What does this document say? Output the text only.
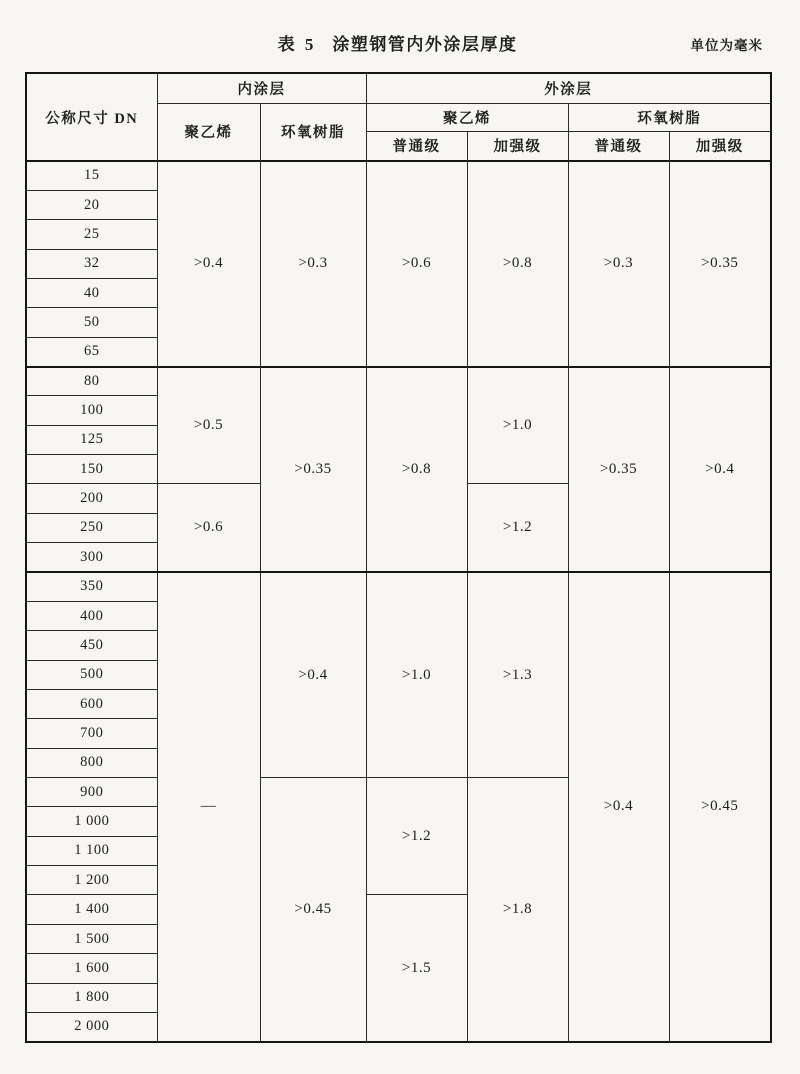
表 5 涂塑钢管内外涂层厚度	单位为毫米
公称尺寸 DN	内涂层		外涂层			
	聚乙烯	环氧树脂	聚乙烯		环氧树脂	
			普通级	加强级	普通级	加强级
15	>0.4	>0.3	>0.6	>0.8	>0.3	>0.35
20						
25						
32						
40						
50						
65						
80	>0.5	>0.35	>0.8	>1.0	>0.35	>0.4
100						
125						
150						
200	>0.6			>1.2		
250						
300						
350	—	>0.4	>1.0	>1.3	>0.4	>0.45
400						
450						
500						
600						
700						
800						
900		>0.45	>1.2	>1.8		
1 000						
1 100						
1 200						
1 400			>1.5			
1 500						
1 600						
1 800						
2 000						
